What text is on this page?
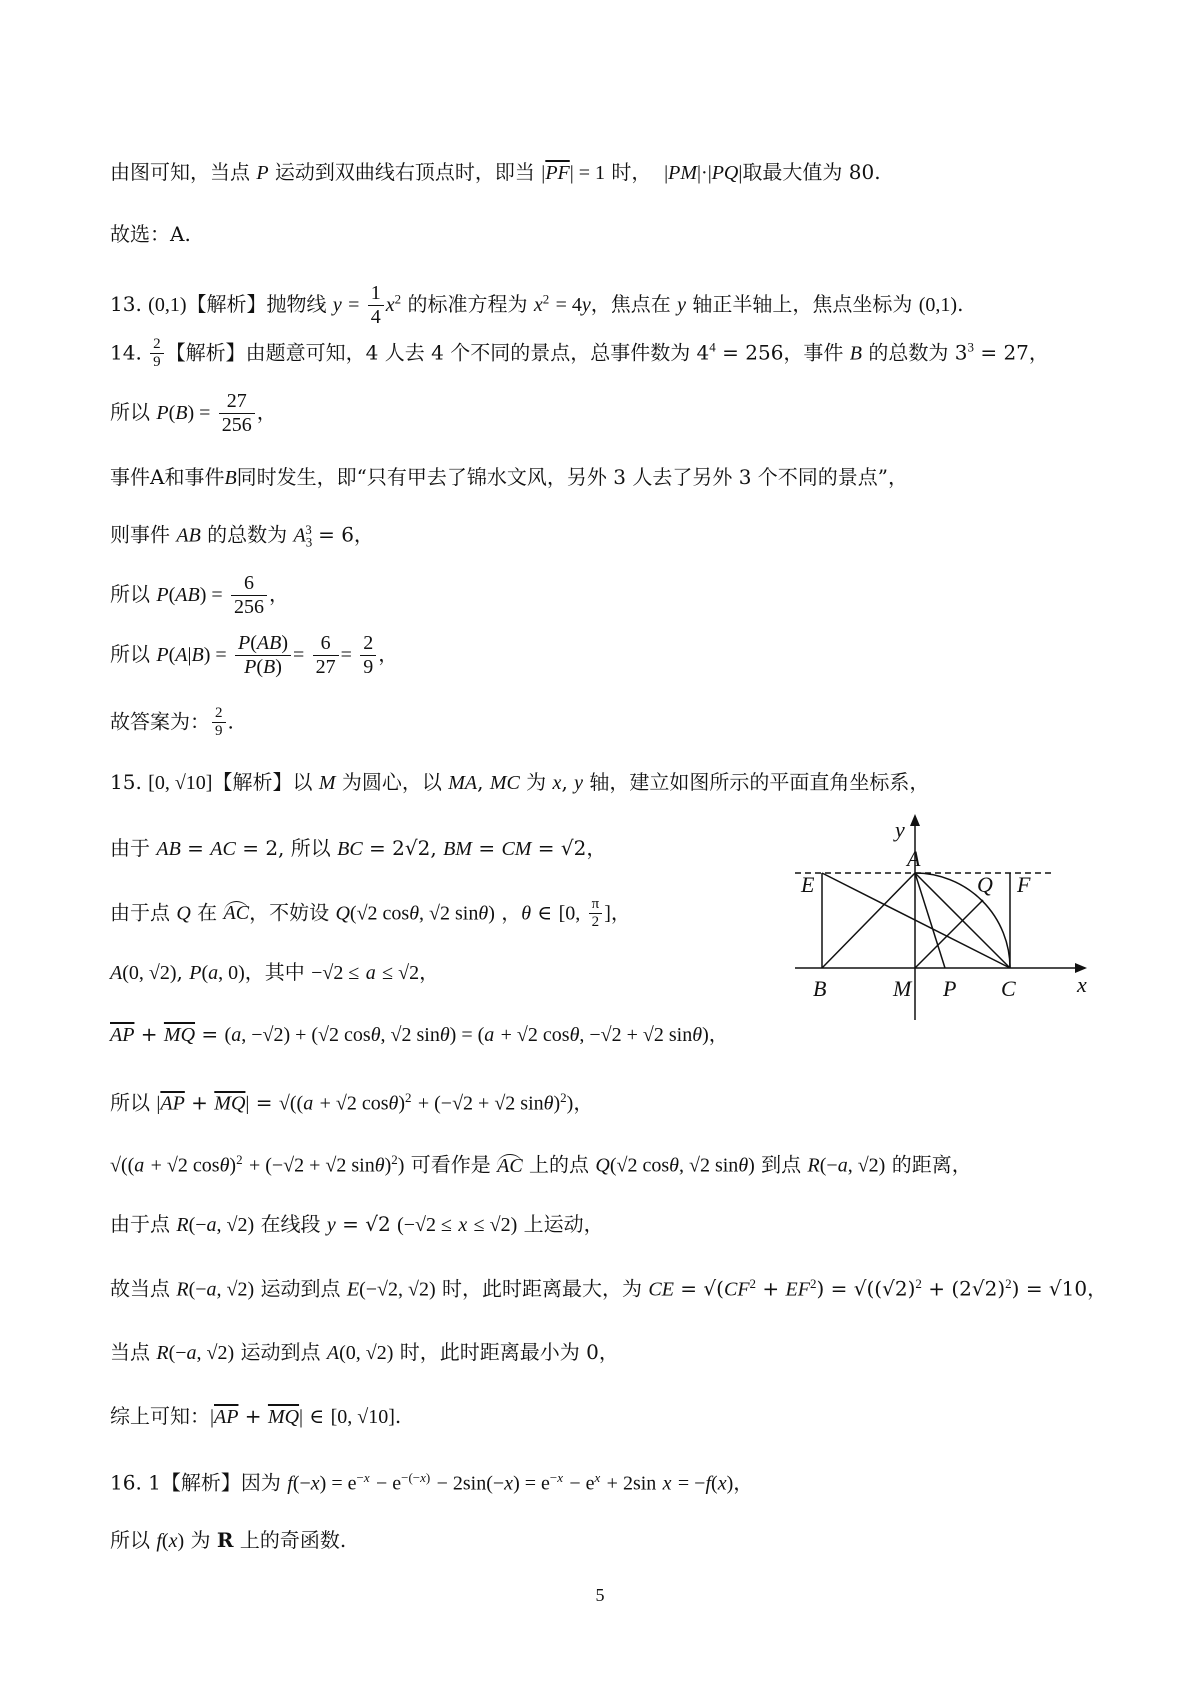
由图可知，当点 P 运动到双曲线右顶点时，即当 $|\overline{PF}| = 1$ 时，  |PM|·|PQ|取最大值为 80.
故选：A.
13. (0,1)【解析】抛物线 $y = \frac{1}{4} x^2$ 的标准方程为 $x^2 = 4y$，焦点在 y 轴正半轴上，焦点坐标为 (0,1).
14. $\frac{2}{9}$ 【解析】由题意可知，4 人去 4 个不同的景点，总事件数为 $4^4 = 256$，事件 B 的总数为 $3^3 = 27$，
所以 $P(B) = \frac{27}{256}$ ，
事件A和事件B同时发生，即“只有甲去了锦水文风，另外 3 人去了另外 3 个不同的景点”，
则事件 AB 的总数为 $A_3^3 = 6$，
所以 $P(AB) = \frac{6}{256}$ ，
所以 $P(A|B) = \frac{P(AB)}{P(B)} = \frac{6}{27} = \frac{2}{9}$ ，
故答案为： $\frac{2}{9}$ .
15. [0, √10]【解析】以 M 为圆心，以 MA, MC 为 x, y 轴，建立如图所示的平面直角坐标系，
由于 AB = AC = 2, 所以 BC = 2√2, BM = CM = √2，
由于点 Q 在 AC，不妨设 Q(√2 cosθ, √2 sinθ) ，θ ∈ [0, $\frac{\pi}{2}$ ]，
A(0, √2), P(a, 0)，其中 −√2 ≤ a ≤ √2，
$\overline{AP} + \overline{MQ} = (a$, −√2) + (√2 cosθ, √2 sinθ) = (a + √2 cosθ, −√2 + √2 sinθ)，
所以 $|\overline{AP} + \overline{MQ}| = √((a + √2$ cosθ)$^2$ + (−√2 + √2 sinθ)$^2$)，
√((a + √2 cosθ)$^2$ + (−√2 + √2 sinθ)$^2$) 可看作是 AC 上的点 Q(√2 cosθ, √2 sinθ) 到点 R(−a, √2) 的距离，
由于点 R(−a, √2) 在线段 y = √2 (−√2 ≤ x ≤ √2) 上运动，
故当点 R(−a, √2) 运动到点 E(−√2, √2) 时，此时距离最大，为 CE = $√(CF^2 + EF^2) = √((√2)^2 + (2√2)^2) = √10$，
当点 R(−a, √2) 运动到点 A(0, √2) 时，此时距离最小为 0，
综上可知：$|\overline{AP} + \overline{MQ}|$ ∈ [0, √10].
16. 1【解析】因为 $f(-x) = e^{-x} - e^{-(-x)} - 2\sin(-x) = e^{-x} - e^x + 2\sin$ x = −f(x)，
所以 f(x) 为 R 上的奇函数.
y
A
E	Q F
B	M P C	x
5
